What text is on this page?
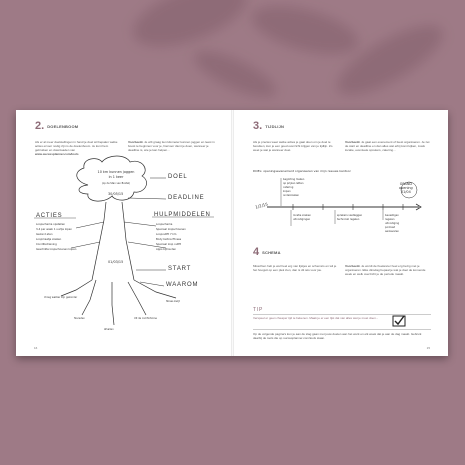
2. DOELENBOOM
Als er al meer doelstellingen in hand je doel wil bepalen welke acties ervoor nodig zijn is de doelenboom. Je kunt hem gebruiken en downloaden van www.succesplanner.com/tools
Voorbeeld. Je wilt graag tien kilometer kunnen joggen en leest in boost te beginnen voor je, hiervoor dient je doen, wanneer je deadline is, wie je kan helpen...
10 km kunnen joggen in 1 keer
(op de Stan van Boxtel)
30/05/15
01/03/15
DOEL
DEADLINE
ACTIES	HULPMIDDELEN
START
WAAROM
Loopschema opstellen
3-4 per week 1 uurtje lopen
Gezond eten
Loopmaatje zoeken
Conditietraining
Geschikte loopschoenen kopen
Loopschema
Speciaal loopschoenen
Loopoutfit 7 km
Body before fitness
Speciaal loop outfit
Apps bijhouden
Vroeg wakker zijn gezonder
Tevreden
Afvallen
Uit de comfortzone
Stress kwijt
16
3. TIJDLIJN
Als je precies weet welke acties je gaat doen om je doel te bereiken, kun je een goed overzicht krijgen van je tijdlijn. Zo weet je wat je wanneer doet.
Voorbeeld. Je gaat een evenement of feest organiseren. Je zet de start en deadline en dan alles wat erbij komt kijken, zoals locatie, eventuele sprekers, catering...
DOEL: openingsevenement organiseren van mijn nieuwe kantoor
1/2/15
GRAND
opening
01/04
begroting maken
op prijzen letten
catering
kopen
onderzoeken
locatie zoeken
uitnodigingen
sprekers vastleggen
technicali regelen
bevestigen
regelen
uitnodiging
podcast
aanleveren
4 SCHEMA
Misschien heb je wel heel erg van lijstjes en schema's en wil je het hooguit op een plek zien, dan is dit iets voor jou.
Voorbeeld. Je wordt de freelancer heel erg bezig met je organiseren. Elke dinsdag bepaal je wat je doet de komende week en welk overzicht je de periode maakt.
TIP
Verspeel er geen cheaper tijd te bekenen. Maak je er een lijst dat van alles wat je moet doen...
Op de volgende pagina's kun je aan de slag gaan met jouw doelen aan het werk en elk week dat je aan de dag maakt. Gebruik daarbij de tools die op succesplanner.com/tools staan.
15
